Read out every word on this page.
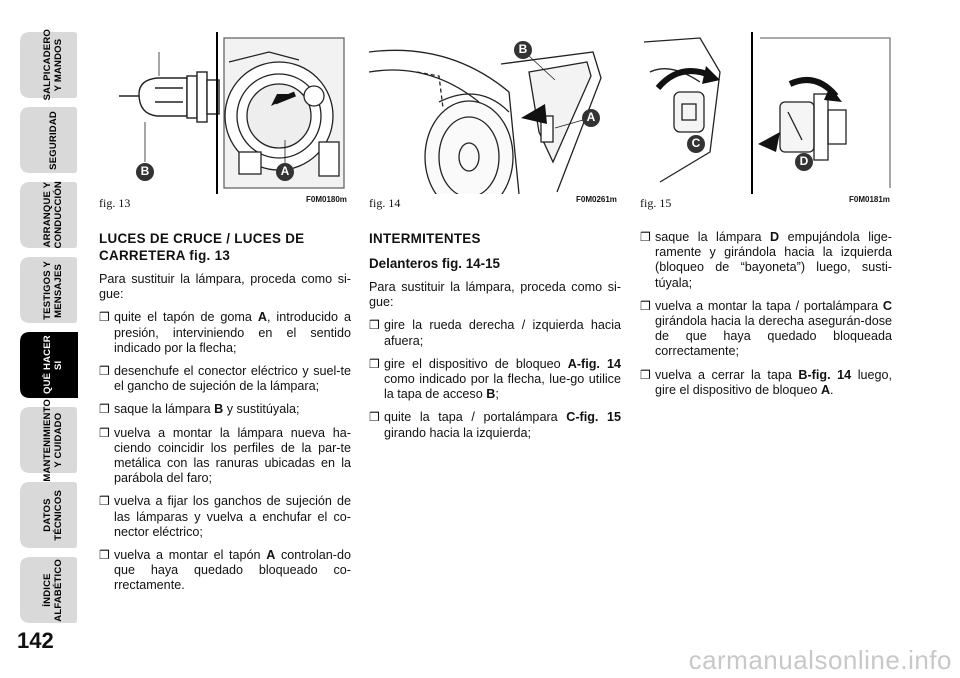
SALPICADERO
Y MANDOS
SEGURIDAD
ARRANQUE Y
CONDUCCIÓN
TESTIGOS Y
MENSAJES
QUÉ HACER SI
MANTENIMIENTO
Y CUIDADO
DATOS
TÉCNICOS
ÍNDICE
ALFABÉTICO
142
B	A
fig. 13	F0M0180m
B
A
fig. 14	F0M0261m
C
D
fig. 15	F0M0181m
LUCES DE CRUCE / LUCES DE
CARRETERA fig. 13

Para sustituir la lámpara, proceda como si-gue:

❒ quite el tapón de goma A, introducido a presión, interviniendo en el sentido indicado por la flecha;
❒ desenchufe el conector eléctrico y suel-te el gancho de sujeción de la lámpara;
❒ saque la lámpara B y sustitúyala;
❒ vuelva a montar la lámpara nueva ha-ciendo coincidir los perfiles de la par-te metálica con las ranuras ubicadas en la parábola del faro;
❒ vuelva a fijar los ganchos de sujeción de las lámparas y vuelva a enchufar el co-nector eléctrico;
❒ vuelva a montar el tapón A controlan-do que haya quedado bloqueado co-rrectamente.
INTERMITENTES
Delanteros fig. 14-15

Para sustituir la lámpara, proceda como si-gue:

❒ gire la rueda derecha / izquierda hacia afuera;
❒ gire el dispositivo de bloqueo A-fig. 14 como indicado por la flecha, lue-go utilice la tapa de acceso B;
❒ quite la tapa / portalámpara C-fig. 15 girando hacia la izquierda;
❒ saque la lámpara D empujándola lige-ramente y girándola hacia la izquierda (bloqueo de “bayoneta”) luego, susti-túyala;
❒ vuelva a montar la tapa / portalámpara C girándola hacia la derecha asegurán-dose de que haya quedado bloqueada correctamente;
❒ vuelva a cerrar la tapa B-fig. 14 luego, gire el dispositivo de bloqueo A.
carmanualsonline.info
